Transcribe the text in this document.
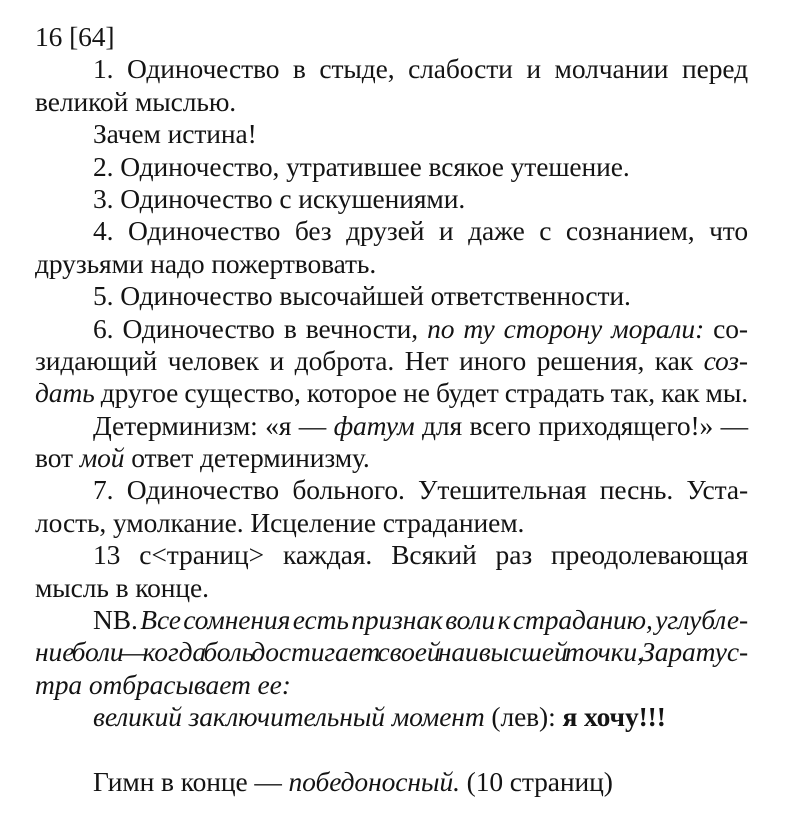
16 [64]
1. Одиночество в стыде, слабости и молчании перед
великой мыслью.
Зачем истина!
2. Одиночество, утратившее всякое утешение.
3. Одиночество с искушениями.
4. Одиночество без друзей и даже с сознанием, что
друзьями надо пожертвовать.
5. Одиночество высочайшей ответственности.
6. Одиночество в вечности, по ту сторону морали: со-
зидающий человек и доброта. Нет иного решения, как соз-
дать другое существо, которое не будет страдать так, как мы.
Детерминизм: «я — фатум для всего приходящего!» —
вот мой ответ детерминизму.
7. Одиночество больного. Утешительная песнь. Уста-
лость, умолкание. Исцеление страданием.
13 с<траниц> каждая. Всякий раз преодолевающая
мысль в конце.
NB. Все сомнения есть признак воли к страданию, углубле-
ние боли — когда боль достигает своей наивысшей точки, Заратус-
тра отбрасывает ее:
великий заключительный момент (лев): я хочу!!!
Гимн в конце — победоносный. (10 страниц)
